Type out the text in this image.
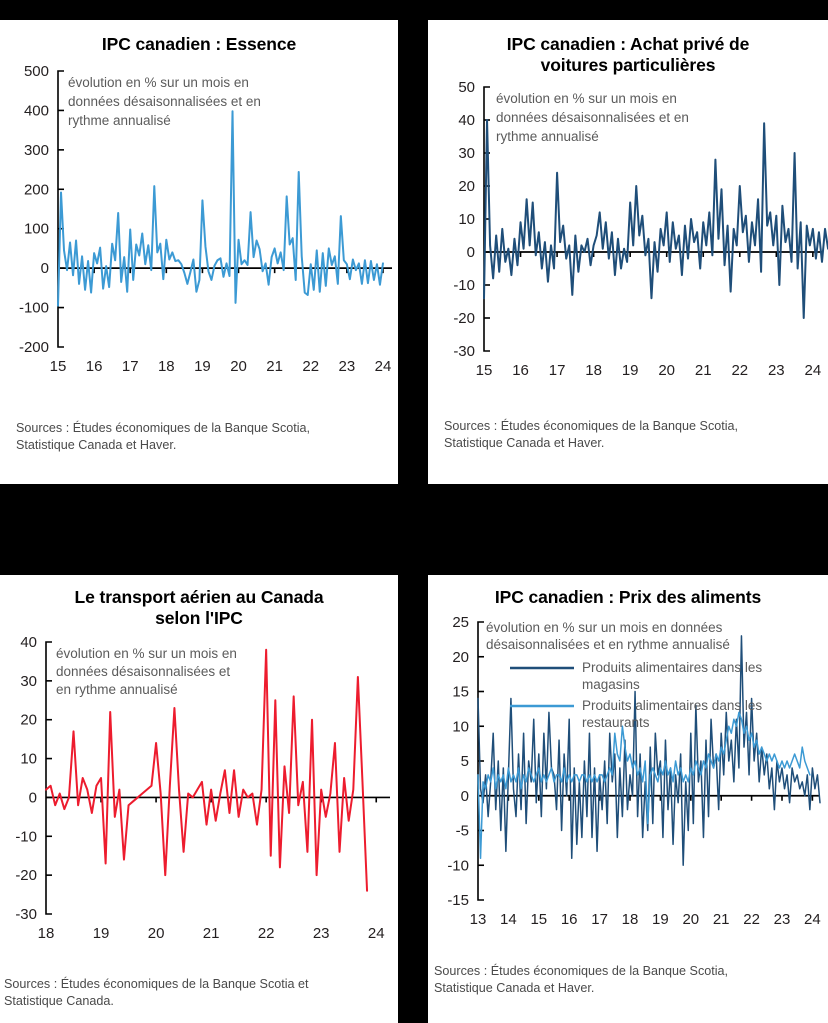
IPC canadien : Essence
-200
-100
0
100
200
300
400
500
15 16 17 18 19 20 21 22 23 24
évolution en % sur un mois en
données désaisonnalisées et en
rythme annualisé

Sources : Études économiques de la Banque Scotia,
Statistique Canada et Haver.

IPC canadien : Achat privé de
voitures particulières
-30
-20
-10
0
10
20
30
40
50
15 16 17 18 19 20 21 22 23 24
évolution en % sur un mois en
données désaisonnalisées et en
rythme annualisé

Sources : Études économiques de la Banque Scotia,
Statistique Canada et Haver.

Le transport aérien au Canada
selon l'IPC
-30
-20
-10
0
10
20
30
40
18	19	20	21	22	23	24
évolution en % sur un mois en
données désaisonnalisées et
en rythme annualisé

Sources : Études économiques de la Banque Scotia et
Statistique Canada.

IPC canadien : Prix des aliments
-15
-10
-5
0
5
10
15
20
25
13 14 15 16 17 18 19 20 21 22 23 24
évolution en % sur un mois en données
désaisonnalisées et en rythme annualisé
Produits alimentaires dans les
magasins
Produits alimentaires dans les
restaurants

Sources : Études économiques de la Banque Scotia,
Statistique Canada et Haver.
